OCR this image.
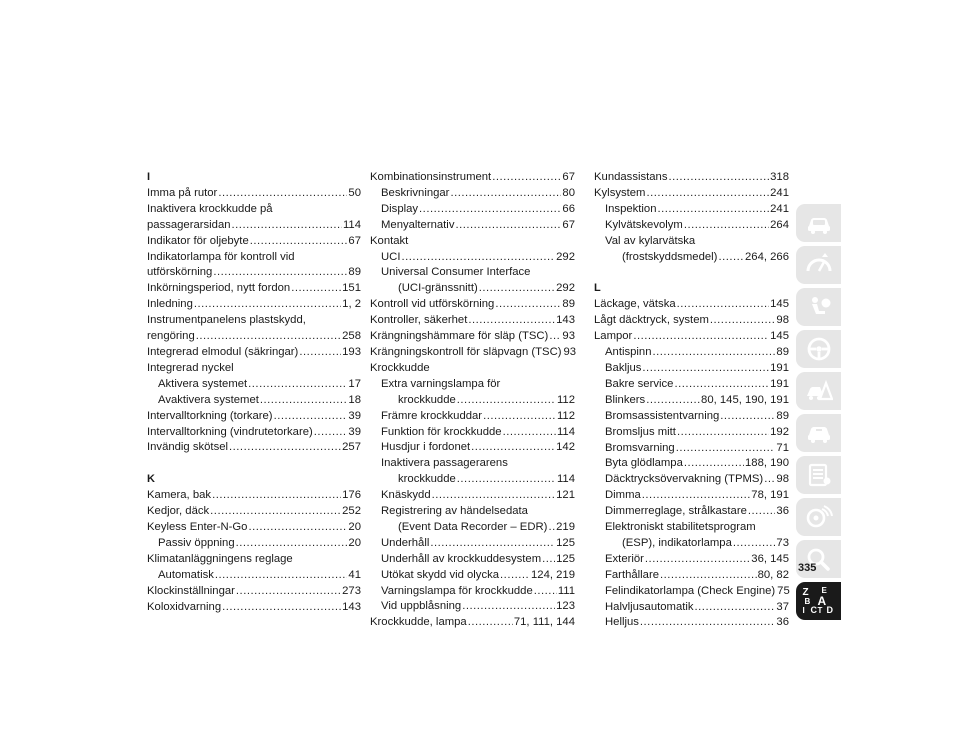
I
Imma på rutor .....	50
Inaktivera krockkudde på
passagerarsidan .....	114
Indikator för oljebyte .....	67
Indikatorlampa för kontroll vid
utförskörning .....	89
Inkörningsperiod, nytt fordon .....	151
Inledning .....	1, 2
Instrumentpanelens plastskydd,
rengöring .....	258
Integrerad elmodul (säkringar) .....	193
Integrerad nyckel
Aktivera systemet .....	17
Avaktivera systemet .....	18
Intervalltorkning (torkare) .....	39
Intervalltorkning (vindrutetorkare) .....	39
Invändig skötsel .....	257
K
Kamera, bak .....	176
Kedjor, däck .....	252
Keyless Enter-N-Go .....	20
Passiv öppning .....	20
Klimatanläggningens reglage
Automatisk .....	41
Klockinställningar .....	273
Koloxidvarning .....	143
Kombinationsinstrument .....	67
Beskrivningar .....	80
Display .....	66
Menyalternativ .....	67
Kontakt
UCI .....	292
Universal Consumer Interface
(UCI-gränssnitt) .....	292
Kontroll vid utförskörning .....	89
Kontroller, säkerhet .....	143
Krängningshämmare för släp (TSC) ..... 93
Krängningskontroll för släpvagn (TSC) 93
Krockkudde
Extra varningslampa för
krockkudde .....	112
Främre krockkuddar .....	112
Funktion för krockkudde .....	114
Husdjur i fordonet .....	142
Inaktivera passagerarens
krockkudde .....	114
Knäskydd .....	121
Registrering av händelsedata
(Event Data Recorder – EDR) ..... 219
Underhåll .....	125
Underhåll av krockkuddesystem ..... 125
Utökat skydd vid olycka .....	124, 219
Varningslampa för krockkudde ..... 111
Vid uppblåsning .....	123
Krockkudde, lampa .....	71, 111, 144
Kundassistans .....	318
Kylsystem .....	241
Inspektion .....	241
Kylvätskevolym .....	264
Val av kylarvätska
(frostskyddsmedel) ..... 264, 266
L
Läckage, vätska .....	145
Lågt däcktryck, system .....	98
Lampor .....	145
Antispinn .....	89
Bakljus .....	191
Bakre service .....	191
Blinkers .....	80, 145, 190, 191
Bromsassistentvarning .....	89
Bromsljus mitt .....	192
Bromsvarning .....	71
Byta glödlampa .....	188, 190
Däcktrycksövervakning (TPMS) ..... 98
Dimma .....	78, 191
Dimmerreglage, strålkastare .....	36
Elektroniskt stabilitetsprogram
(ESP), indikatorlampa .....	73
Exteriör .....	36, 145
Farthållare .....	80, 82
Felindikatorlampa (Check Engine) 75
Halvljusautomatik .....	37
Helljus .....	36
Z E
B A
I C T D
335
